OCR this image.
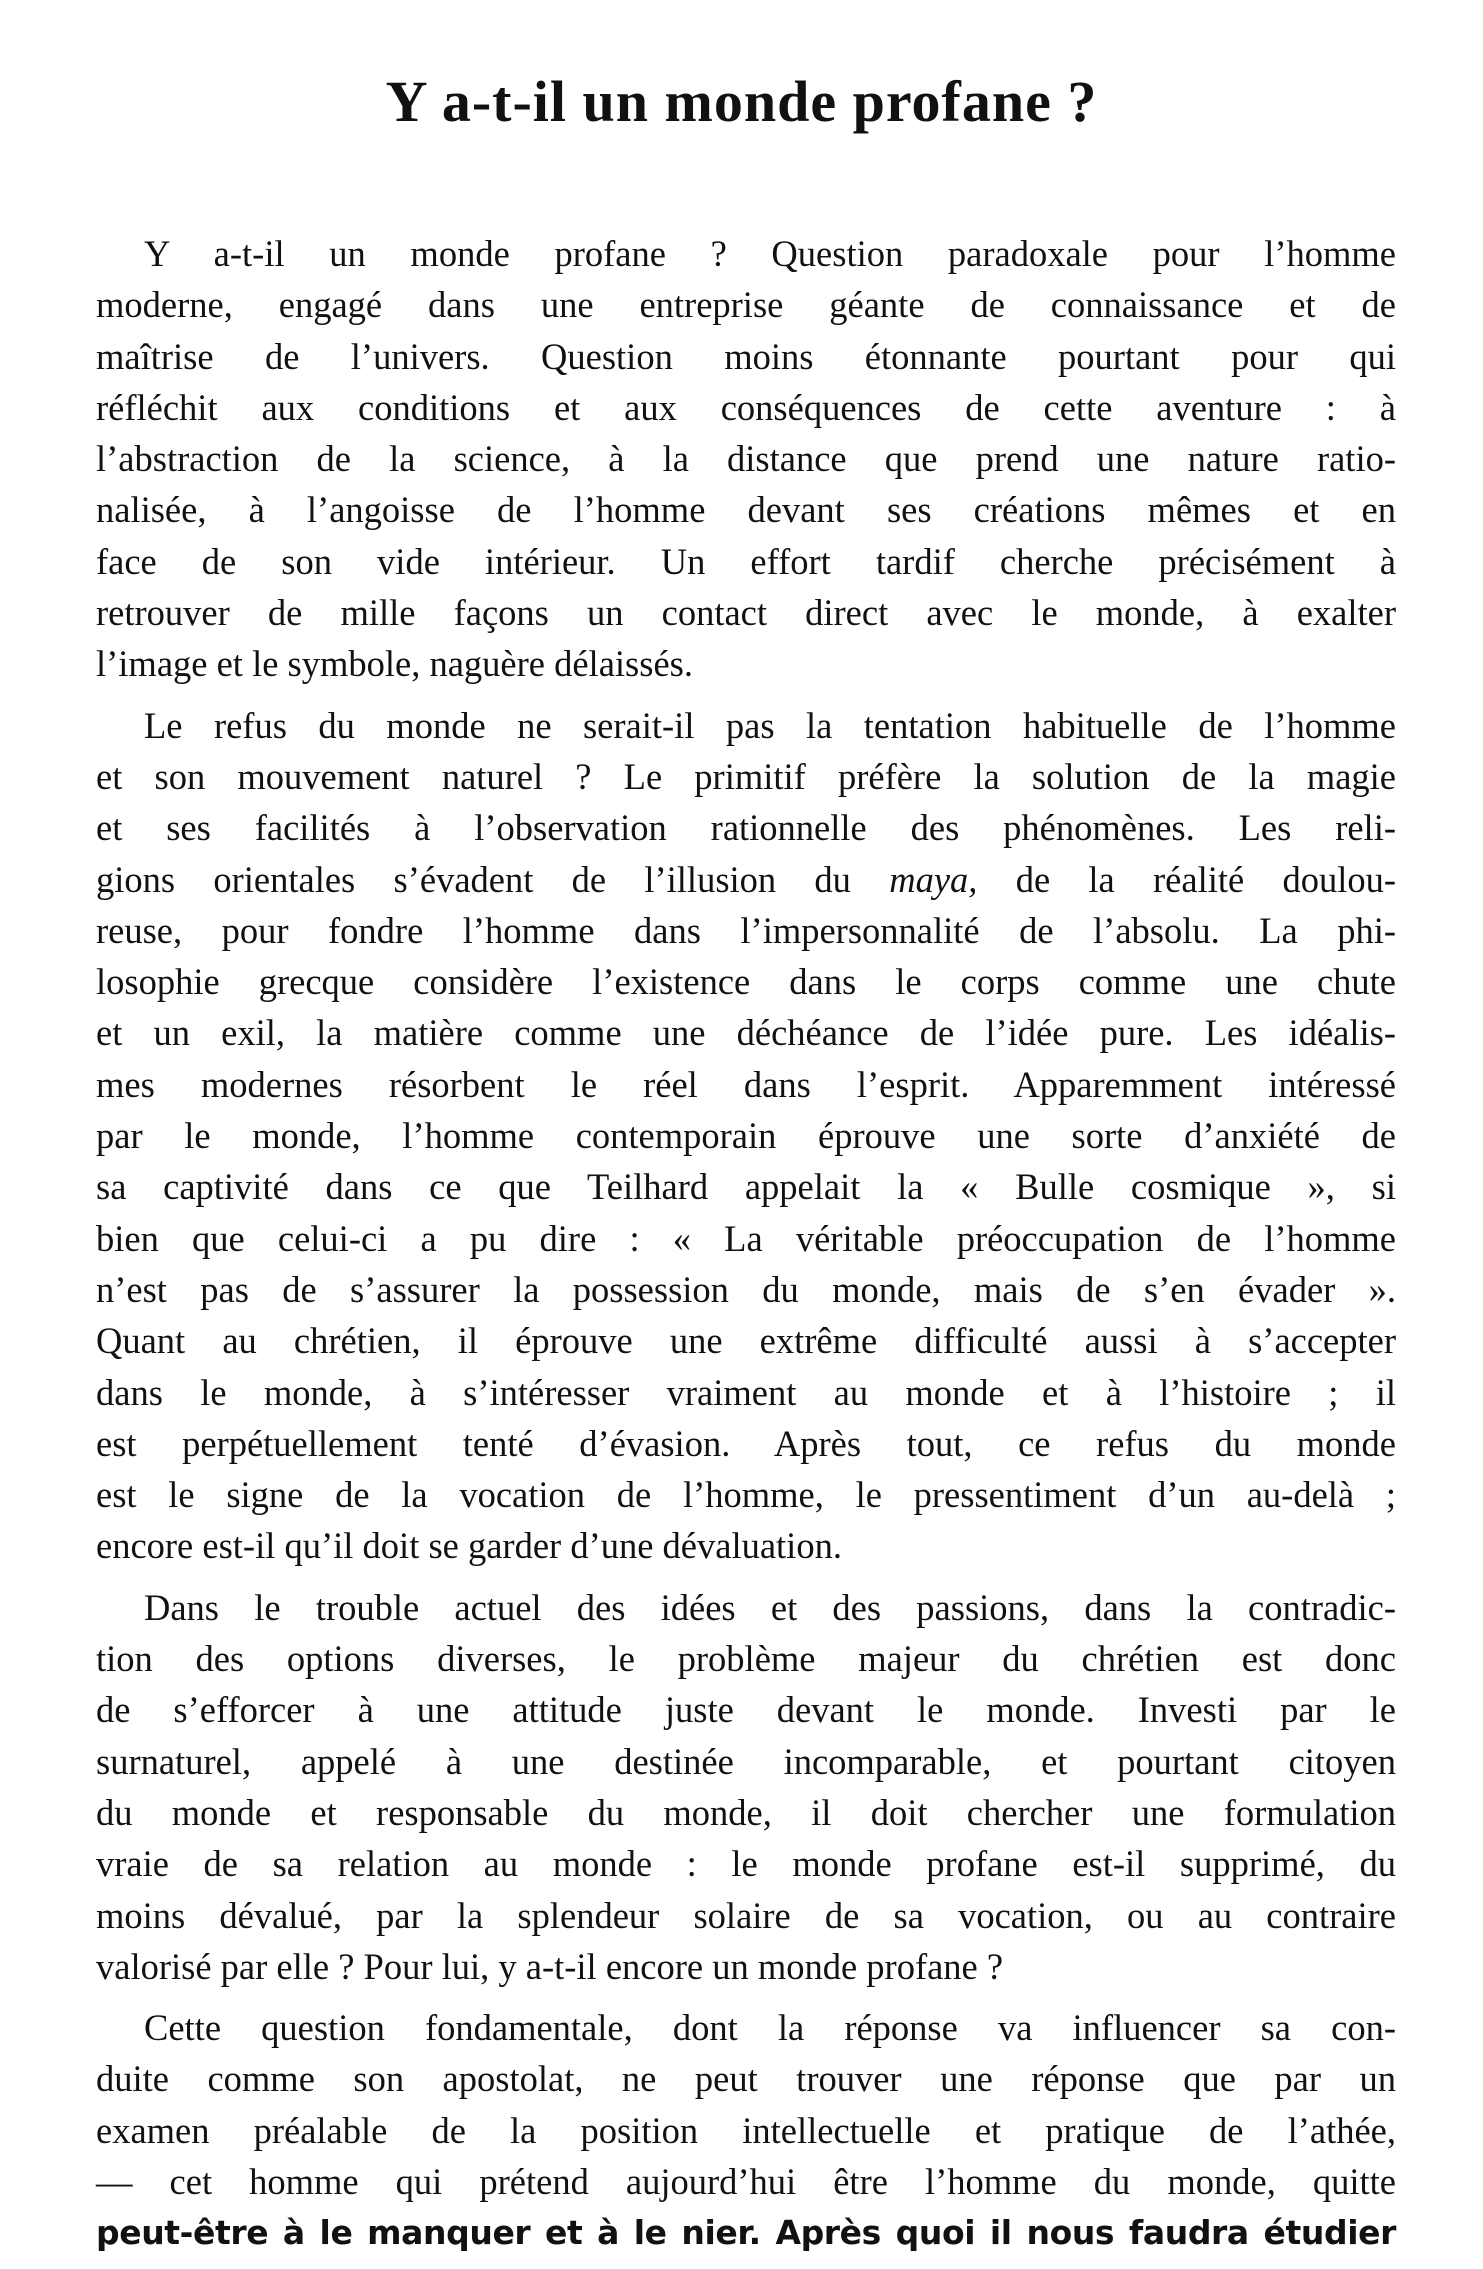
Y a-t-il un monde profane ?

Y a-t-il un monde profane ? Question paradoxale pour l’homme
moderne, engagé dans une entreprise géante de connaissance et de
maîtrise de l’univers. Question moins étonnante pourtant pour qui
réfléchit aux conditions et aux conséquences de cette aventure : à
l’abstraction de la science, à la distance que prend une nature ratio-
nalisée, à l’angoisse de l’homme devant ses créations mêmes et en
face de son vide intérieur. Un effort tardif cherche précisément à
retrouver de mille façons un contact direct avec le monde, à exalter
l’image et le symbole, naguère délaissés.

Le refus du monde ne serait-il pas la tentation habituelle de l’homme
et son mouvement naturel ? Le primitif préfère la solution de la magie
et ses facilités à l’observation rationnelle des phénomènes. Les reli-
gions orientales s’évadent de l’illusion du maya, de la réalité doulou-
reuse, pour fondre l’homme dans l’impersonnalité de l’absolu. La phi-
losophie grecque considère l’existence dans le corps comme une chute
et un exil, la matière comme une déchéance de l’idée pure. Les idéalis-
mes modernes résorbent le réel dans l’esprit. Apparemment intéressé
par le monde, l’homme contemporain éprouve une sorte d’anxiété de
sa captivité dans ce que Teilhard appelait la « Bulle cosmique », si
bien que celui-ci a pu dire : « La véritable préoccupation de l’homme
n’est pas de s’assurer la possession du monde, mais de s’en évader ».
Quant au chrétien, il éprouve une extrême difficulté aussi à s’accepter
dans le monde, à s’intéresser vraiment au monde et à l’histoire ; il
est perpétuellement tenté d’évasion. Après tout, ce refus du monde
est le signe de la vocation de l’homme, le pressentiment d’un au-delà ;
encore est-il qu’il doit se garder d’une dévaluation.

Dans le trouble actuel des idées et des passions, dans la contradic-
tion des options diverses, le problème majeur du chrétien est donc
de s’efforcer à une attitude juste devant le monde. Investi par le
surnaturel, appelé à une destinée incomparable, et pourtant citoyen
du monde et responsable du monde, il doit chercher une formulation
vraie de sa relation au monde : le monde profane est-il supprimé, du
moins dévalué, par la splendeur solaire de sa vocation, ou au contraire
valorisé par elle ? Pour lui, y a-t-il encore un monde profane ?

Cette question fondamentale, dont la réponse va influencer sa con-
duite comme son apostolat, ne peut trouver une réponse que par un
examen préalable de la position intellectuelle et pratique de l’athée,
— cet homme qui prétend aujourd’hui être l’homme du monde, quitte
peut-être à le manquer et à le nier. Après quoi il nous faudra étudier
